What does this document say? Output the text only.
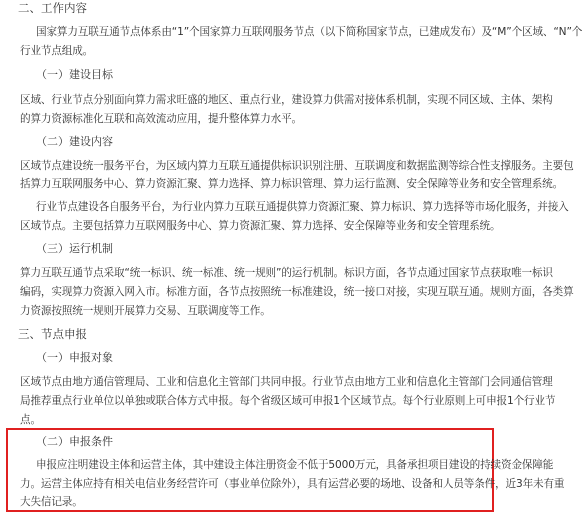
二、工作内容
国家算力互联互通节点体系由“1”个国家算力互联网服务节点（以下简称国家节点，已建成发布）及“M”个区域、“N”个
行业节点组成。
（一）建设目标
区域、行业节点分别面向算力需求旺盛的地区、重点行业，建设算力供需对接体系机制，实现不同区域、主体、架构
的算力资源标准化互联和高效流动应用，提升整体算力水平。
（二）建设内容
区域节点建设统一服务平台，为区域内算力互联互通提供标识识别注册、互联调度和数据监测等综合性支撑服务。主要包
括算力互联网服务中心、算力资源汇聚、算力选择、算力标识管理、算力运行监测、安全保障等业务和安全管理系统。
行业节点建设各自服务平台，为行业内算力互联互通提供算力资源汇聚、算力标识、算力选择等市场化服务，并接入
区域节点。主要包括算力互联网服务中心、算力资源汇聚、算力选择、安全保障等业务和安全管理系统。
（三）运行机制
算力互联互通节点采取“统一标识、统一标准、统一规则”的运行机制。标识方面，各节点通过国家节点获取唯一标识
编码，实现算力资源入网入市。标准方面，各节点按照统一标准建设，统一接口对接，实现互联互通。规则方面，各类算
力资源按照统一规则开展算力交易、互联调度等工作。
三、节点申报
（一）申报对象
区域节点由地方通信管理局、工业和信息化主管部门共同申报。行业节点由地方工业和信息化主管部门会同通信管理
局推荐重点行业单位以单独或联合体方式申报。每个省级区域可申报1个区域节点。每个行业原则上可申报1个行业节
点。
（二）申报条件
申报应注明建设主体和运营主体，其中建设主体注册资金不低于5000万元，具备承担项目建设的持续资金保障能
力。运营主体应持有相关电信业务经营许可（事业单位除外），具有运营必要的场地、设备和人员等条件，近3年未有重
大失信记录。
